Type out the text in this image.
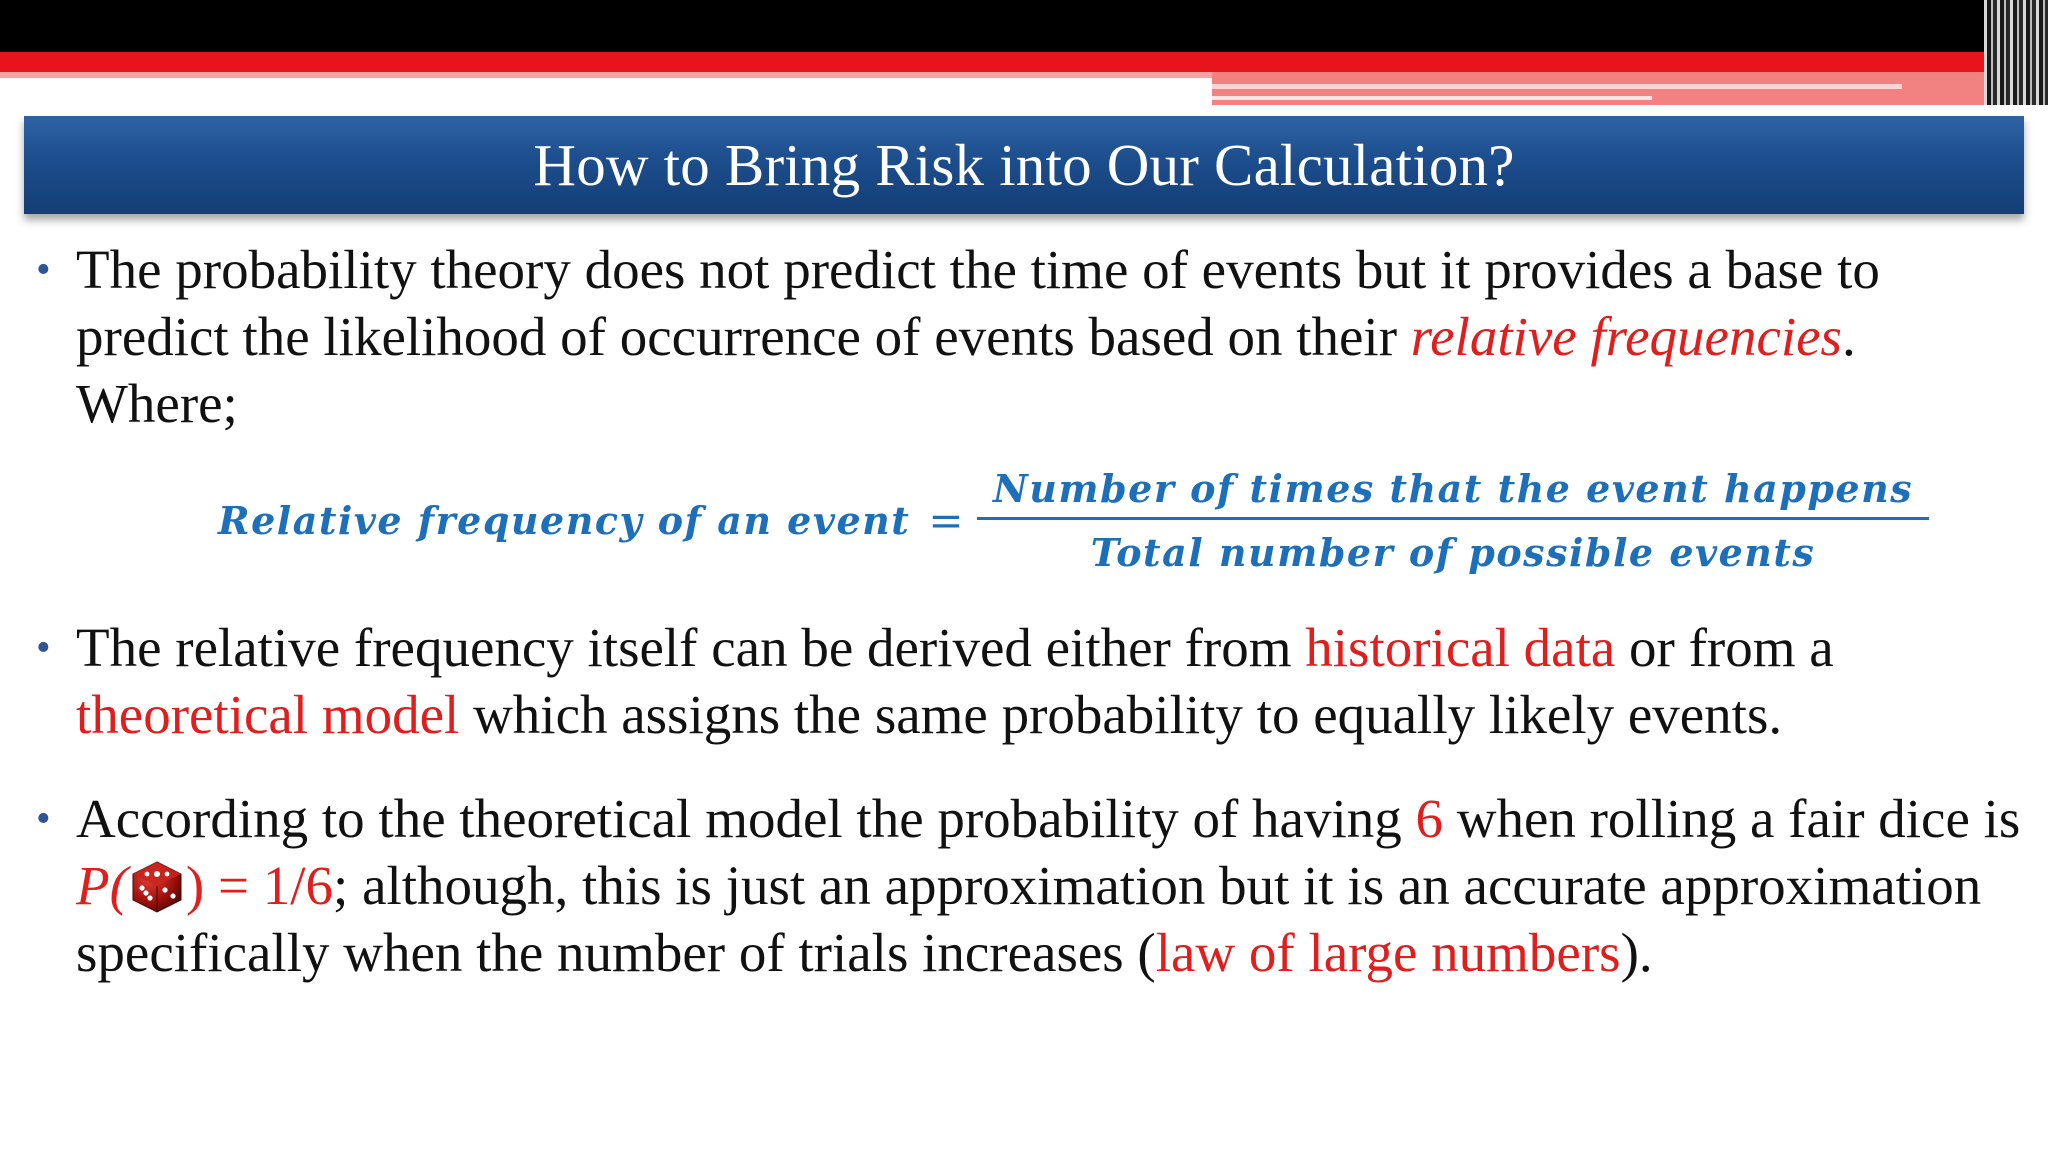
How to Bring Risk into Our Calculation?
• The probability theory does not predict the time of events but it provides a base to predict the likelihood of occurrence of events based on their relative frequencies. Where;
Relative frequency of an event = $\frac{\text{Number of times that the event happens}}{\text{Total number of possible events}}$
• The relative frequency itself can be derived either from historical data or from a theoretical model which assigns the same probability to equally likely events.
• According to the theoretical model the probability of having 6 when rolling a fair dice is P( ) = 1/6; although, this is just an approximation but it is an accurate approximation specifically when the number of trials increases (law of large numbers).
